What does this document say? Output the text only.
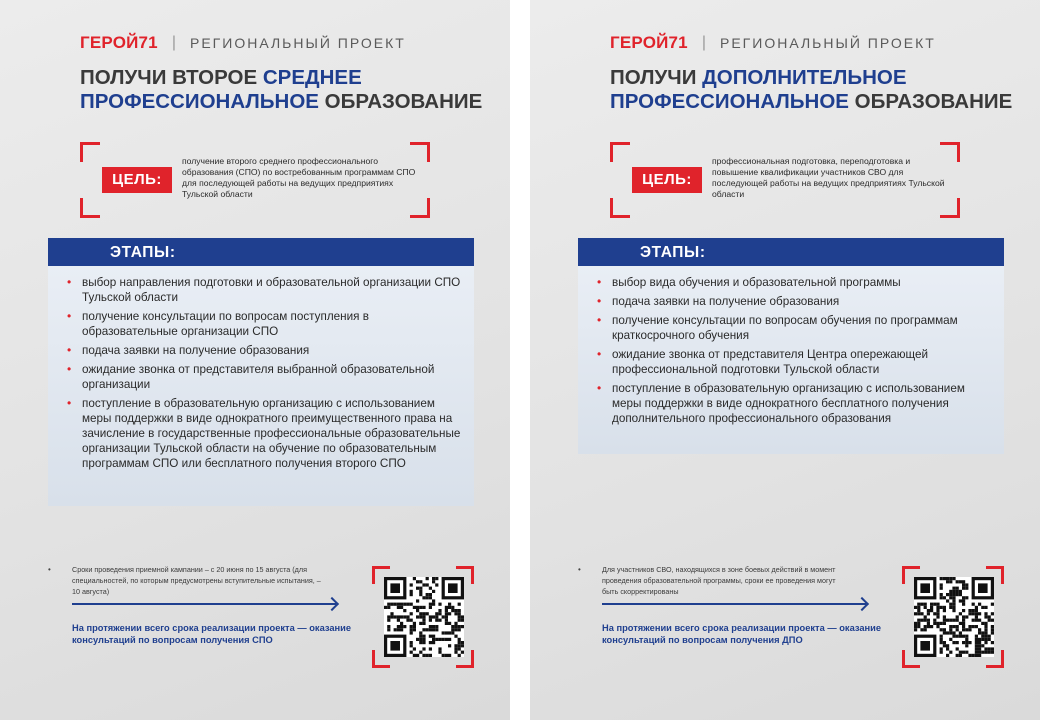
ГЕРОЙ71 | РЕГИОНАЛЬНЫЙ ПРОЕКТ
ПОЛУЧИ ВТОРОЕ СРЕДНЕЕ
ПРОФЕССИОНАЛЬНОЕ ОБРАЗОВАНИЕ
ЦЕЛЬ:
получение второго среднего профессионального образования (СПО) по востребованным программам СПО для последующей работы на ведущих предприятиях Тульской области
ЭТАПЫ:
• выбор направления подготовки и образовательной организации СПО Тульской области
• получение консультации по вопросам поступления в образовательные организации СПО
• подача заявки на получение образования
• ожидание звонка от представителя выбранной образовательной организации
• поступление в образовательную организацию с использованием меры поддержки в виде однократного преимущественного права на зачисление в государственные профессиональные образовательные организации Тульской области на обучение по образовательным программам СПО или бесплатного получения второго СПО
•	Сроки проведения приемной кампании – с 20 июня по 15 августа (для специальностей, по которым предусмотрены вступительные испытания, – 10 августа)
На протяжении всего срока реализации проекта — оказание консультаций по вопросам получения СПО
ГЕРОЙ71 | РЕГИОНАЛЬНЫЙ ПРОЕКТ
ПОЛУЧИ ДОПОЛНИТЕЛЬНОЕ
ПРОФЕССИОНАЛЬНОЕ ОБРАЗОВАНИЕ
ЦЕЛЬ:
профессиональная подготовка, переподготовка и повышение квалификации участников СВО для последующей работы на ведущих предприятиях Тульской области
ЭТАПЫ:
• выбор вида обучения и образовательной программы
• подача заявки на получение образования
• получение консультации по вопросам обучения по программам краткосрочного обучения
• ожидание звонка от представителя Центра опережающей профессиональной подготовки Тульской области
• поступление в образовательную организацию с использованием меры поддержки в виде однократного бесплатного получения дополнительного профессионального образования
•	Для участников СВО, находящихся в зоне боевых действий в момент проведения образовательной программы, сроки ее проведения могут быть скорректированы
На протяжении всего срока реализации проекта — оказание консультаций по вопросам получения ДПО
